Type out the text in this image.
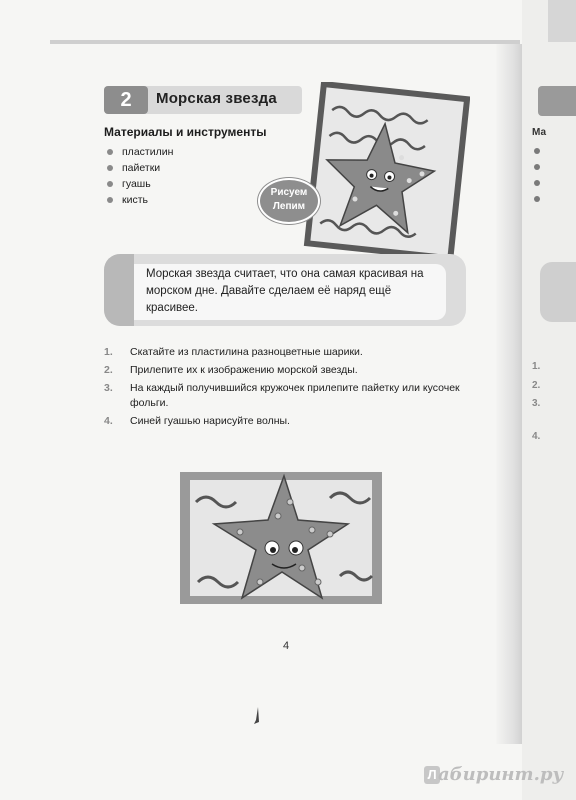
Ма
1.
2.
3.
4.
2	Морская звезда
Материалы и инструменты
пластилин
пайетки
гуашь
кисть
Рисуем
Лепим
Морская звезда считает, что она самая красивая на морском дне. Давайте сделаем её наряд ещё красивее.
1. Скатайте из пластилина разноцветные шарики.
2. Прилепите их к изображению морской звезды.
3. На каждый получившийся кружочек прилепите пайетку или кусочек фольги.
4. Синей гуашью нарисуйте волны.
4
Л абиринт.ру
